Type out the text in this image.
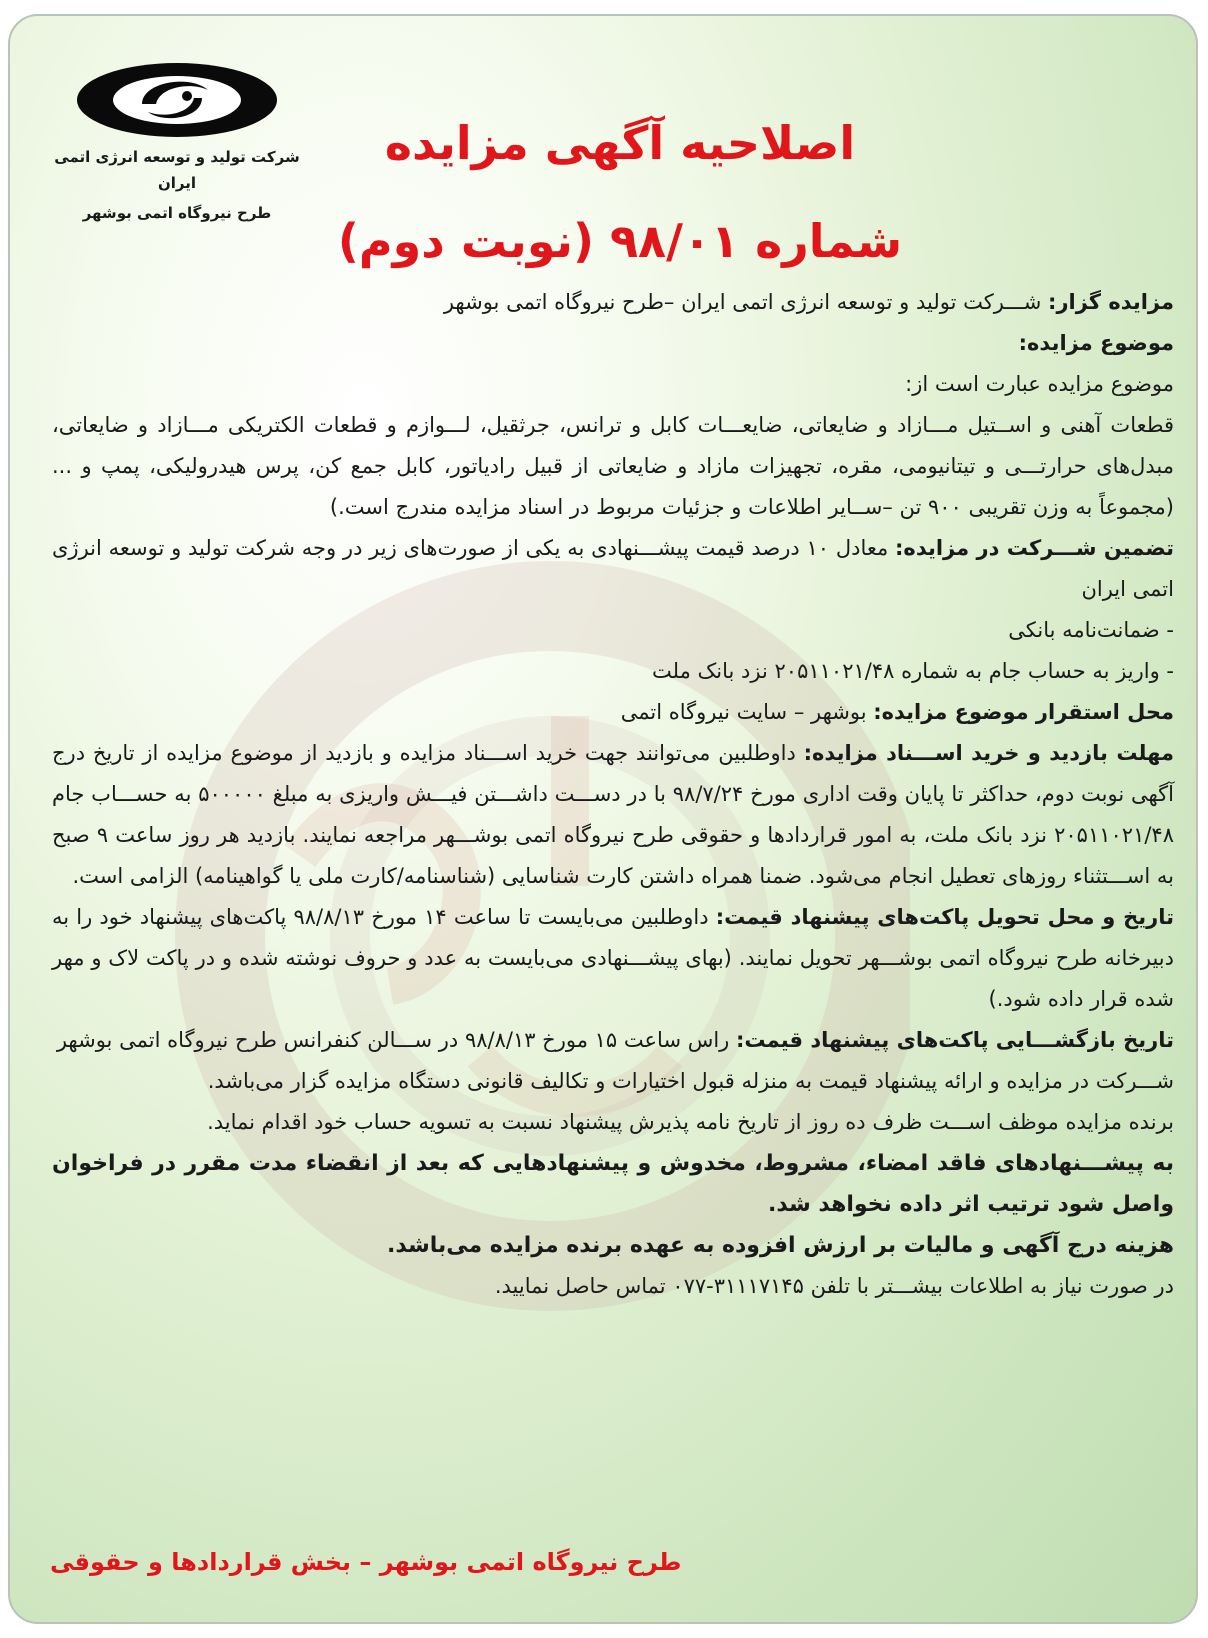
شرکت تولید و توسعه انرژی اتمی ایران
طرح نیروگاه اتمی بوشهر
اصلاحیه آگهی مزایده
شماره ۹۸/۰۱ (نوبت دوم)

مزایده گزار: شـــرکت تولید و توسعه انرژی اتمی ایران –طرح نیروگاه اتمی بوشهر

موضوع مزایده:

موضوع مزایده عبارت است از:

قطعات آهنی و اســتیل مـــازاد و ضایعاتی، ضایعـــات کابل و ترانس، جرثقیل، لـــوازم و قطعات الکتریکی مـــازاد و ضایعاتی، مبدل‌های حرارتـــی و تیتانیومی، مقره، تجهیزات مازاد و ضایعاتی از قبیل رادیاتور، کابل جمع کن، پرس هیدرولیکی، پمپ و ... (مجموعاً به وزن تقریبی ۹۰۰ تن –ســایر اطلاعات و جزئیات مربوط در اسناد مزایده مندرج است.)

تضمین شـــرکت در مزایده: معادل ۱۰ درصد قیمت پیشـــنهادی به یکی از صورت‌های زیر در وجه شرکت تولید و توسعه انرژی اتمی ایران

- ضمانت‌نامه بانکی

- واریز به حساب جام به شماره ۲۰۵۱۱۰۲۱/۴۸ نزد بانک ملت

محل استقرار موضوع مزایده: بوشهر – سایت نیروگاه اتمی

مهلت بازدید و خرید اســـناد مزایده: داوطلبین می‌توانند جهت خرید اســـناد مزایده و بازدید از موضوع مزایده از تاریخ درج آگهی نوبت دوم، حداکثر تا پایان وقت اداری مورخ ۹۸/۷/۲۴ با در دســـت داشـــتن فیـــش واریزی به مبلغ ۵۰۰۰۰۰ به حســـاب جام ۲۰۵۱۱۰۲۱/۴۸ نزد بانک ملت، به امور قراردادها و حقوقی طرح نیروگاه اتمی بوشـــهر مراجعه نمایند. بازدید هر روز ساعت ۹ صبح به اســـتثناء روزهای تعطیل انجام می‌شود. ضمنا همراه داشتن کارت شناسایی (شناسنامه/کارت ملی یا گواهینامه) الزامی است.

تاریخ و محل تحویل پاکت‌های پیشنهاد قیمت: داوطلبین می‌بایست تا ساعت ۱۴ مورخ ۹۸/۸/۱۳ پاکت‌های پیشنهاد خود را به دبیرخانه طرح نیروگاه اتمی بوشـــهر تحویل نمایند. (بهای پیشـــنهادی می‌بایست به عدد و حروف نوشته شده و در پاکت لاک و مهر شده قرار داده شود.)

تاریخ بازگشـــایی پاکت‌های پیشنهاد قیمت: راس ساعت ۱۵ مورخ ۹۸/۸/۱۳ در ســـالن کنفرانس طرح نیروگاه اتمی بوشهر

شـــرکت در مزایده و ارائه پیشنهاد قیمت به منزله قبول اختیارات و تکالیف قانونی دستگاه مزایده گزار می‌باشد.

برنده مزایده موظف اســـت ظرف ده روز از تاریخ نامه پذیرش پیشنهاد نسبت به تسویه حساب خود اقدام نماید.

به پیشـــنهادهای فاقد امضاء، مشروط، مخدوش و پیشنهادهایی که بعد از انقضاء مدت مقرر در فراخوان واصل شود ترتیب اثر داده نخواهد شد.

هزینه درج آگهی و مالیات بر ارزش افزوده به عهده برنده مزایده می‌باشد.

در صورت نیاز به اطلاعات بیشـــتر با تلفن ۳۱۱۱۷۱۴۵-۰۷۷ تماس حاصل نمایید.

طرح نیروگاه اتمی بوشهر – بخش قراردادها و حقوقی
